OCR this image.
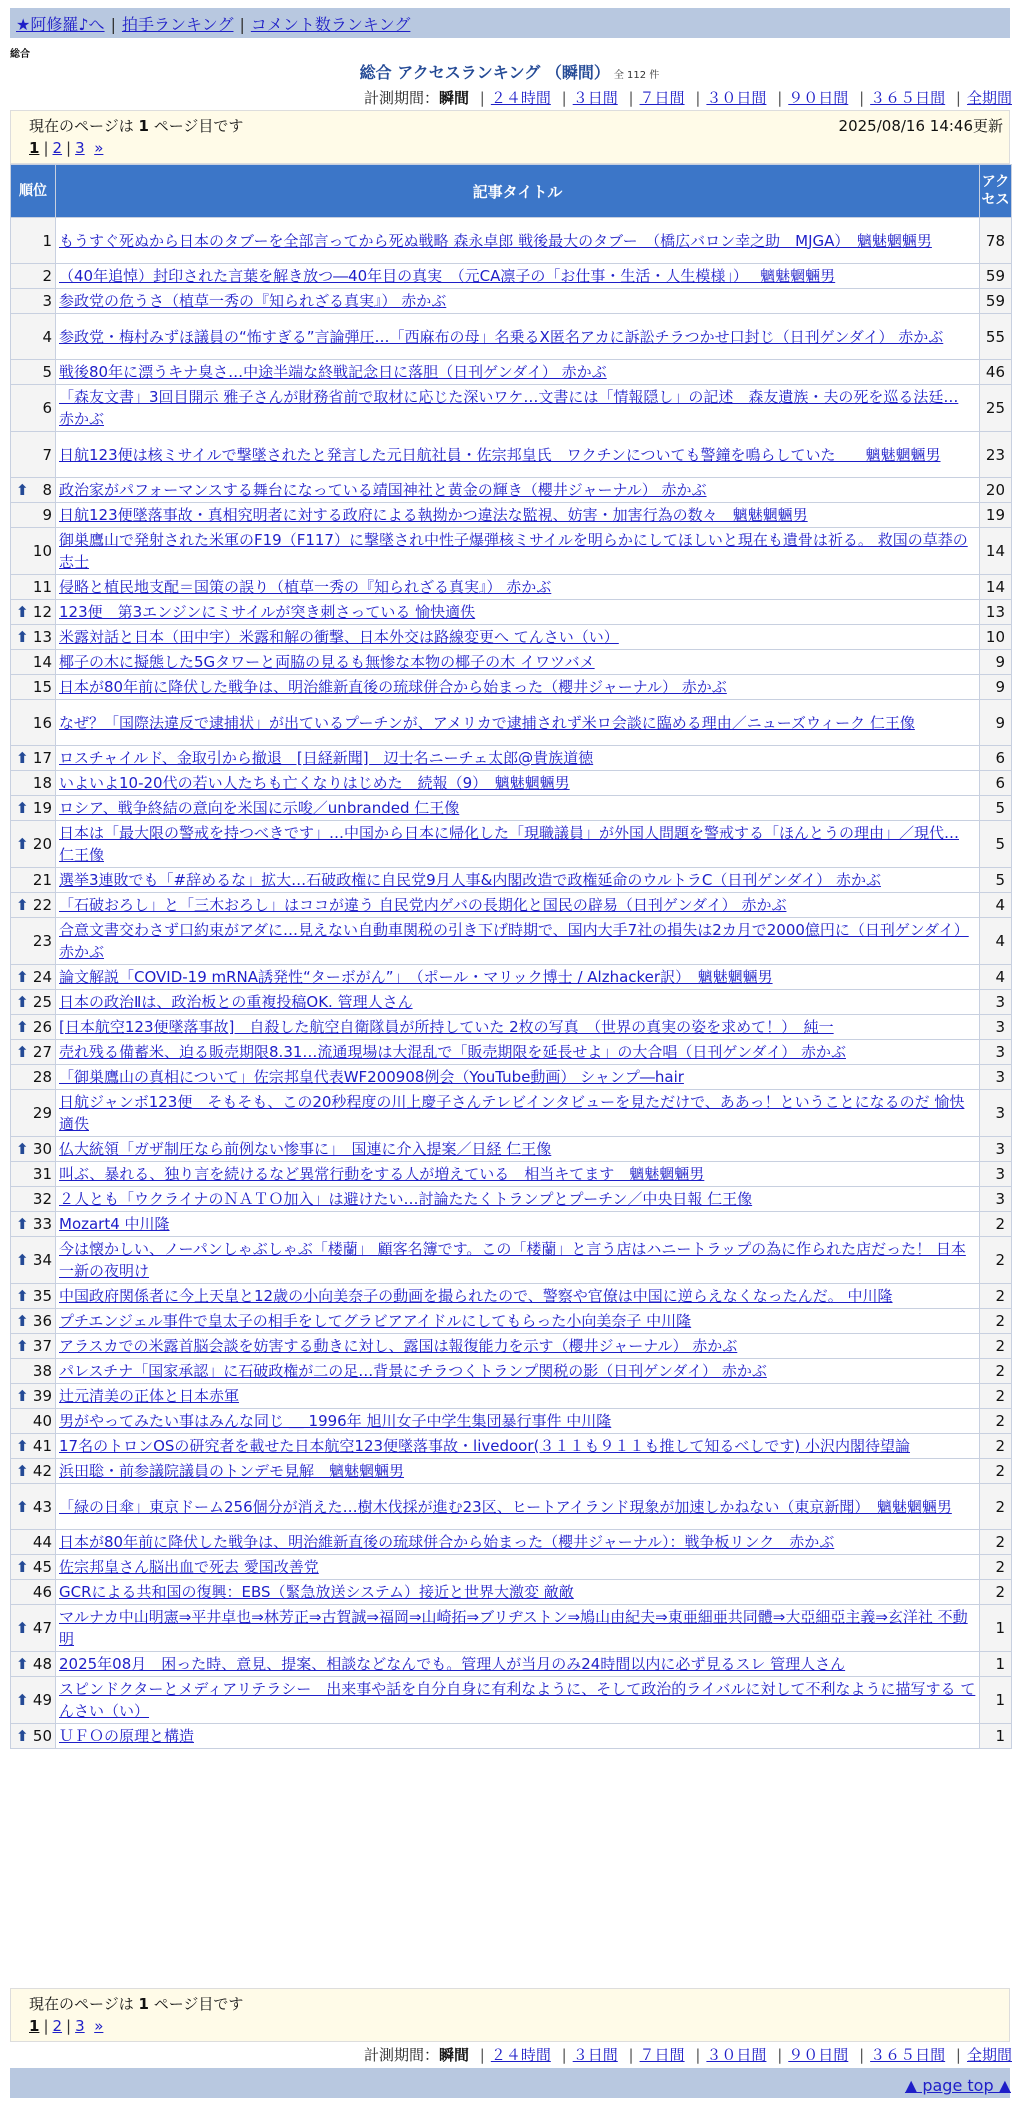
★阿修羅♪へ | 拍手ランキング | コメント数ランキング
総合
総合 アクセスランキング （瞬間） 全 112 件
計測期間：瞬間 | ２４時間 | ３日間 | ７日間 | ３０日間 | ９０日間 | ３６５日間 | 全期間
現在のページは 1 ページ目です	2025/08/16 14:46更新
1 | 2 | 3 »
順位	記事タイトル	アクセス
1	もうすぐ死ぬから日本のタブーを全部言ってから死ぬ戦略 森永卓郎 戦後最大のタブー　（橋広バロン幸之助　MJGA）　魑魅魍魎男	78
2	（40年追悼）封印された言葉を解き放つ―40年目の真実　（元CA凛子の「お仕事・生活・人生模様」）　 魑魅魍魎男	59
3	参政党の危うさ（植草一秀の『知られざる真実』） 赤かぶ	59
4	参政党・梅村みずほ議員の“怖すぎる”言論弾圧…「西麻布の母」名乗るX匿名アカに訴訟チラつかせ口封じ（日刊ゲンダイ） 赤かぶ	55
5	戦後80年に漂うキナ臭さ…中途半端な終戦記念日に落胆（日刊ゲンダイ） 赤かぶ	46
6	「森友文書」3回目開示 雅子さんが財務省前で取材に応じた深いワケ…文書には「情報隠し」の記述　森友遺族・夫の死を巡る法廷… 赤かぶ	25
7	日航123便は核ミサイルで撃墜されたと発言した元日航社員・佐宗邦皇氏　ワクチンについても警鐘を鳴らしていた　　魑魅魍魎男	23

⬆ 8	政治家がパフォーマンスする舞台になっている靖国神社と黄金の輝き（櫻井ジャーナル） 赤かぶ	20
9	日航123便墜落事故・真相究明者に対する政府による執拗かつ違法な監視、妨害・加害行為の数々　魑魅魍魎男	19
10	御巣鷹山で発射された米軍のF19（F117）に撃墜され中性子爆弾核ミサイルを明らかにしてほしいと現在も遺骨は祈る。 救国の草莽の志士	14
11	侵略と植民地支配＝国策の誤り（植草一秀の『知られざる真実』） 赤かぶ	14

⬆ 12	123便　第3エンジンにミサイルが突き刺さっている 愉快適佚	13

⬆ 13	米露対話と日本（田中宇）米露和解の衝撃、日本外交は路線変更へ てんさい（い）	10
14	椰子の木に擬態した5Gタワーと両脇の見るも無惨な本物の椰子の木 イワツバメ	9
15	日本が80年前に降伏した戦争は、明治維新直後の琉球併合から始まった（櫻井ジャーナル） 赤かぶ	9
16	なぜ？「国際法違反で逮捕状」が出ているプーチンが、アメリカで逮捕されず米ロ会談に臨める理由／ニューズウィーク 仁王像	9

⬆ 17	ロスチャイルド、金取引から撤退　[日経新聞]　辺士名ニーチェ太郎@貴族道徳	6
18	いよいよ10-20代の若い人たちも亡くなりはじめた　続報（9）　魑魅魍魎男	6

⬆ 19	ロシア、戦争終結の意向を米国に示唆／unbranded 仁王像	5

⬆ 20	日本は「最大限の警戒を持つべきです」…中国から日本に帰化した「現職議員」が外国人問題を警戒する「ほんとうの理由」／現代… 仁王像	5
21	選挙3連敗でも「#辞めるな」拡大…石破政権に自民党9月人事&内閣改造で政権延命のウルトラC（日刊ゲンダイ） 赤かぶ	5

⬆ 22	「石破おろし」と「三木おろし」はココが違う 自民党内ゲバの長期化と国民の辟易（日刊ゲンダイ） 赤かぶ	4
23	合意文書交わさず口約束がアダに…見えない自動車関税の引き下げ時期で、国内大手7社の損失は2カ月で2000億円に（日刊ゲンダイ） 赤かぶ	4

⬆ 24	論文解説「COVID-19 mRNA誘発性“ターボがん”」　（ポール・マリック博士 / Alzhacker訳）　魑魅魍魎男	4

⬆ 25	日本の政治Ⅱは、政治板との重複投稿OK. 管理人さん	3

⬆ 26	[日本航空123便墜落事故]　自殺した航空自衛隊員が所持していた 2枚の写真　（世界の真実の姿を求めて！）　純一	3

⬆ 27	売れ残る備蓄米、迫る販売期限8.31…流通現場は大混乱で「販売期限を延長せよ」の大合唱（日刊ゲンダイ） 赤かぶ	3
28	「御巣鷹山の真相について」佐宗邦皇代表WF200908例会（YouTube動画） シャンプ―hair	3
29	日航ジャンボ123便　そもそも、この20秒程度の川上慶子さんテレビインタビューを見ただけで、ああっ！ということになるのだ 愉快適佚	3

⬆ 30	仏大統領「ガザ制圧なら前例ない惨事に」　国連に介入提案／日経 仁王像	3
31	叫ぶ、暴れる、独り言を続けるなど異常行動をする人が増えている　相当キてます　魑魅魍魎男	3
32	２人とも「ウクライナのＮＡＴＯ加入」は避けたい…討論たたくトランプとプーチン／中央日報 仁王像	3

⬆ 33	Mozart4 中川隆	2

⬆ 34	今は懐かしい、ノーパンしゃぶしゃぶ「楼蘭」 顧客名簿です。この「楼蘭」と言う店はハニートラップの為に作られた店だった！ 日本一新の夜明け	2

⬆ 35	中国政府関係者に今上天皇と12歳の小向美奈子の動画を撮られたので、警察や官僚は中国に逆らえなくなったんだ。 中川隆	2

⬆ 36	プチエンジェル事件で皇太子の相手をしてグラビアアイドルにしてもらった小向美奈子 中川隆	2

⬆ 37	アラスカでの米露首脳会談を妨害する動きに対し、露国は報復能力を示す（櫻井ジャーナル） 赤かぶ	2
38	パレスチナ「国家承認」に石破政権が二の足…背景にチラつくトランプ関税の影（日刊ゲンダイ） 赤かぶ	2

⬆ 39	辻元清美の正体と日本赤軍	2
40	男がやってみたい事はみんな同じ ＿ 1996年 旭川女子中学生集団暴行事件 中川隆	2

⬆ 41	17名のトロンOSの研究者を載せた日本航空123便墜落事故・livedoor(３１１も９１１も推して知るべしです) 小沢内閣待望論	2

⬆ 42	浜田聡・前参議院議員のトンデモ見解　魑魅魍魎男	2

⬆ 43	「緑の日傘」東京ドーム256個分が消えた…樹木伐採が進む23区、ヒートアイランド現象が加速しかねない（東京新聞）　魑魅魍魎男	2
44	日本が80年前に降伏した戦争は、明治維新直後の琉球併合から始まった（櫻井ジャーナル）：戦争板リンク　赤かぶ	2

⬆ 45	佐宗邦皇さん脳出血で死去 愛国改善党	2
46	GCRによる共和国の復興：EBS（緊急放送システム）接近と世界大激変 敵敵	2

⬆ 47	マルナカ中山明憲⇒平井卓也⇒林芳正⇒古賀誠⇒福岡⇒山崎拓⇒ブリヂストン⇒鳩山由紀夫⇒東亜細亜共同體⇒大亞細亞主義⇒玄洋社 不動明	1

⬆ 48	2025年08月　困った時、意見、提案、相談などなんでも。管理人が当月のみ24時間以内に必ず見るスレ 管理人さん	1

⬆ 49	スピンドクターとメディアリテラシー　出来事や話を自分自身に有利なように、そして政治的ライバルに対して不利なように描写する てんさい（い）	1

⬆ 50	ＵＦＯの原理と構造	1
計測期間：瞬間 | ２４時間 | ３日間 | ７日間 | ３０日間 | ９０日間 | ３６５日間 | 全期間
▲ page top ▲
現在のページは 1 ページ目です
1 | 2 | 3 »
